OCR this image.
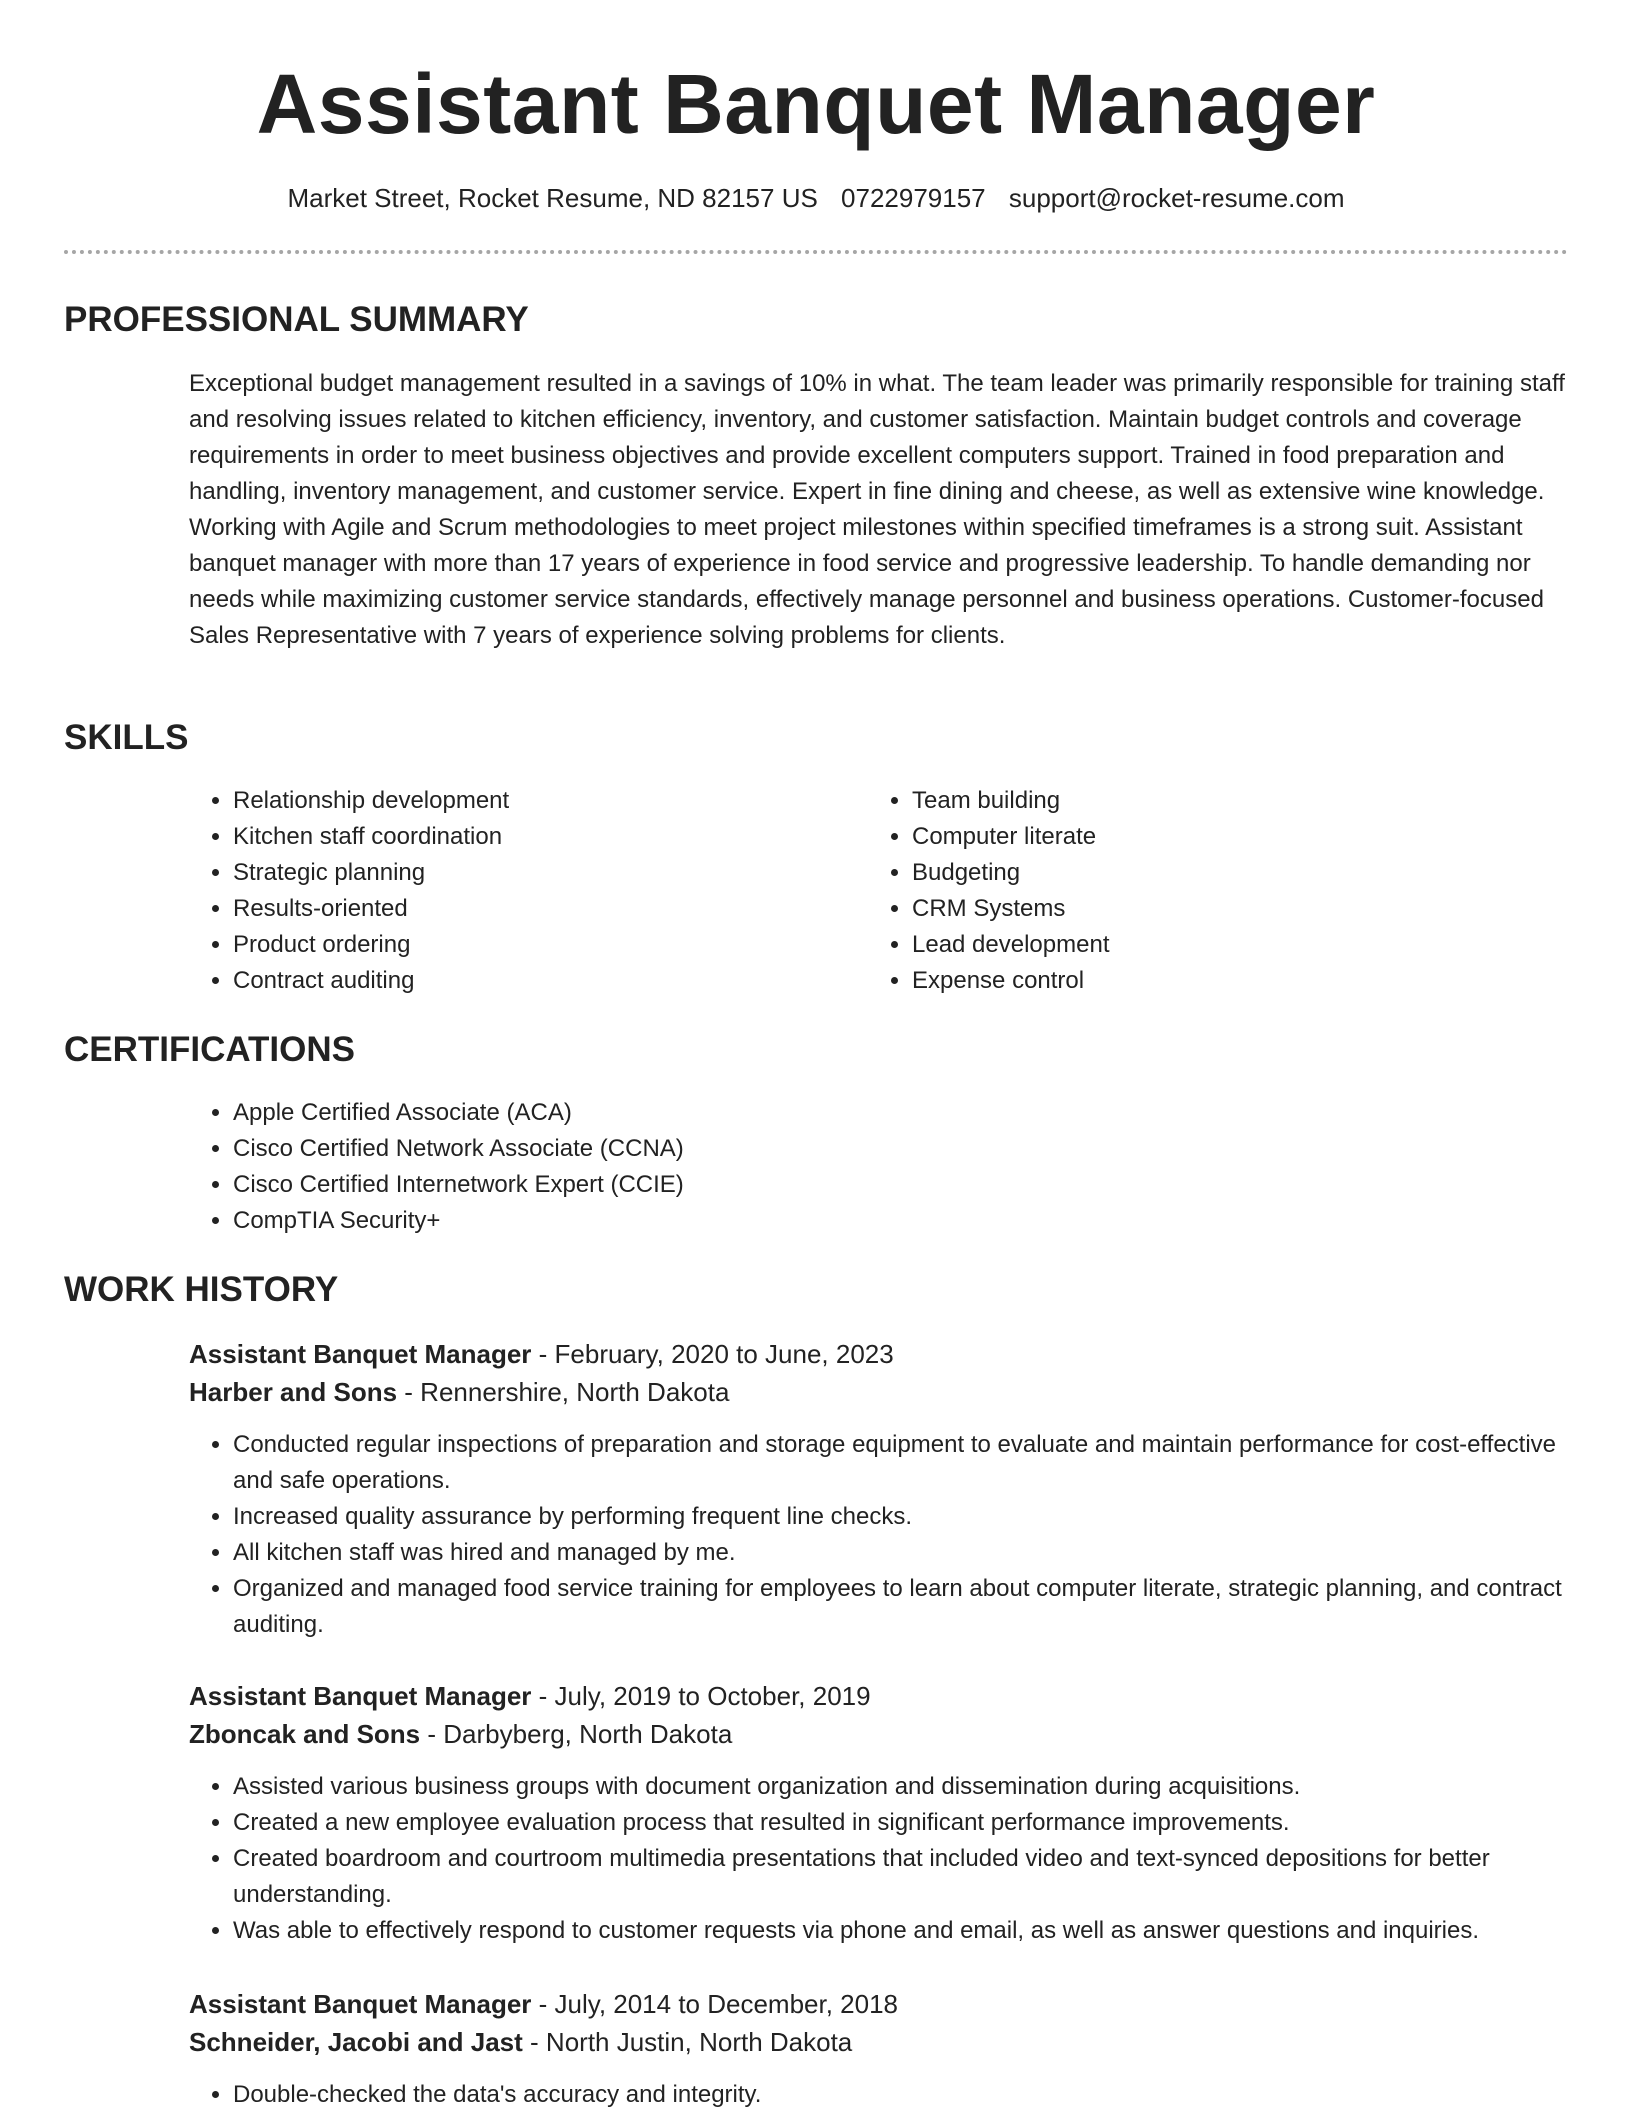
Assistant Banquet Manager
Market Street, Rocket Resume, ND 82157 US 0722979157 support@rocket-resume.com
PROFESSIONAL SUMMARY

Exceptional budget management resulted in a savings of 10% in what. The team leader was primarily responsible for training staff and resolving issues related to kitchen efficiency, inventory, and customer satisfaction. Maintain budget controls and coverage requirements in order to meet business objectives and provide excellent computers support. Trained in food preparation and handling, inventory management, and customer service. Expert in fine dining and cheese, as well as extensive wine knowledge. Working with Agile and Scrum methodologies to meet project milestones within specified timeframes is a strong suit. Assistant banquet manager with more than 17 years of experience in food service and progressive leadership. To handle demanding nor needs while maximizing customer service standards, effectively manage personnel and business operations. Customer-focused Sales Representative with 7 years of experience solving problems for clients.

SKILLS
• Relationship development
• Kitchen staff coordination
• Strategic planning
• Results-oriented
• Product ordering
• Contract auditing
• Team building
• Computer literate
• Budgeting
• CRM Systems
• Lead development
• Expense control
CERTIFICATIONS
• Apple Certified Associate (ACA)
• Cisco Certified Network Associate (CCNA)
• Cisco Certified Internetwork Expert (CCIE)
• CompTIA Security+
WORK HISTORY
Assistant Banquet Manager - February, 2020 to June, 2023
Harber and Sons - Rennershire, North Dakota
• Conducted regular inspections of preparation and storage equipment to evaluate and maintain performance for cost-effective and safe operations.
• Increased quality assurance by performing frequent line checks.
• All kitchen staff was hired and managed by me.
• Organized and managed food service training for employees to learn about computer literate, strategic planning, and contract auditing.
Assistant Banquet Manager - July, 2019 to October, 2019
Zboncak and Sons - Darbyberg, North Dakota
• Assisted various business groups with document organization and dissemination during acquisitions.
• Created a new employee evaluation process that resulted in significant performance improvements.
• Created boardroom and courtroom multimedia presentations that included video and text-synced depositions for better understanding.
• Was able to effectively respond to customer requests via phone and email, as well as answer questions and inquiries.
Assistant Banquet Manager - July, 2014 to December, 2018
Schneider, Jacobi and Jast - North Justin, North Dakota
• Double-checked the data's accuracy and integrity.
